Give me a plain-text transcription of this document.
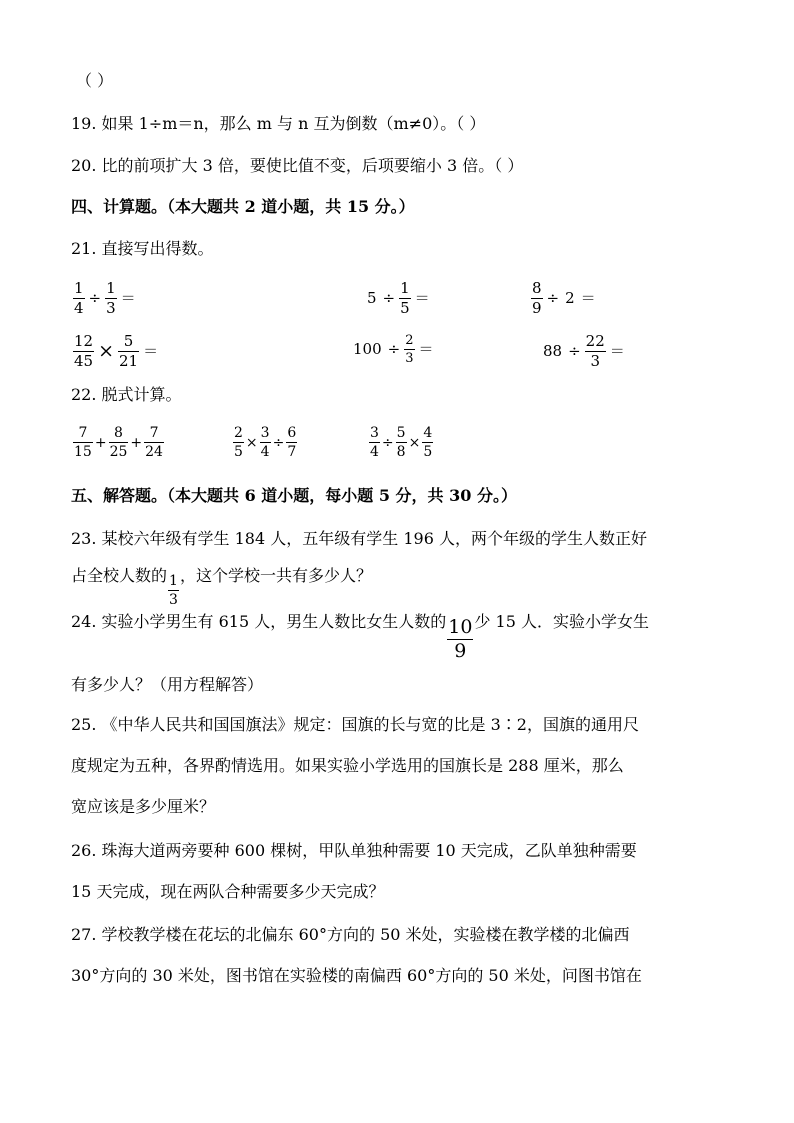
（ ）
19. 如果 1÷m＝n，那么 m 与 n 互为倒数（m≠0）。（ ）
20. 比的前项扩大 3 倍，要使比值不变，后项要缩小 3 倍。（ ）
四、计算题。（本大题共 2 道小题，共 15 分。）
21. 直接写出得数。
$\frac{1}{4} \div \frac{1}{3}$ ＝	$5 \div \frac{1}{5}$ ＝	$\frac{8}{9} \div 2$ ＝
$\frac{12}{45} \times \frac{5}{21}$ ＝	$100 \div \frac{2}{3}$ ＝	$88 \div \frac{22}{3}$ ＝
22. 脱式计算。
$\frac{7}{15} + \frac{8}{25} + \frac{7}{24}$	$\frac{2}{5} \times \frac{3}{4} \div \frac{6}{7}$	$\frac{3}{4} \div \frac{5}{8} \times \frac{4}{5}$
五、解答题。（本大题共 6 道小题，每小题 5 分，共 30 分。）
23. 某校六年级有学生 184 人，五年级有学生 196 人，两个年级的学生人数正好
占全校人数的 $\frac{1}{3}$ ，这个学校一共有多少人？
24. 实验小学男生有 615 人，男生人数比女生人数的 $\frac{10}{9}$ 少 15 人．实验小学女生
有多少人？（用方程解答）
25. 《中华人民共和国国旗法》规定：国旗的长与宽的比是 3∶2，国旗的通用尺
度规定为五种，各界酌情选用。如果实验小学选用的国旗长是 288 厘米，那么
宽应该是多少厘米？
26. 珠海大道两旁要种 600 棵树，甲队单独种需要 10 天完成，乙队单独种需要
15 天完成，现在两队合种需要多少天完成？
27. 学校教学楼在花坛的北偏东 60°方向的 50 米处，实验楼在教学楼的北偏西
30°方向的 30 米处，图书馆在实验楼的南偏西 60°方向的 50 米处，问图书馆在
